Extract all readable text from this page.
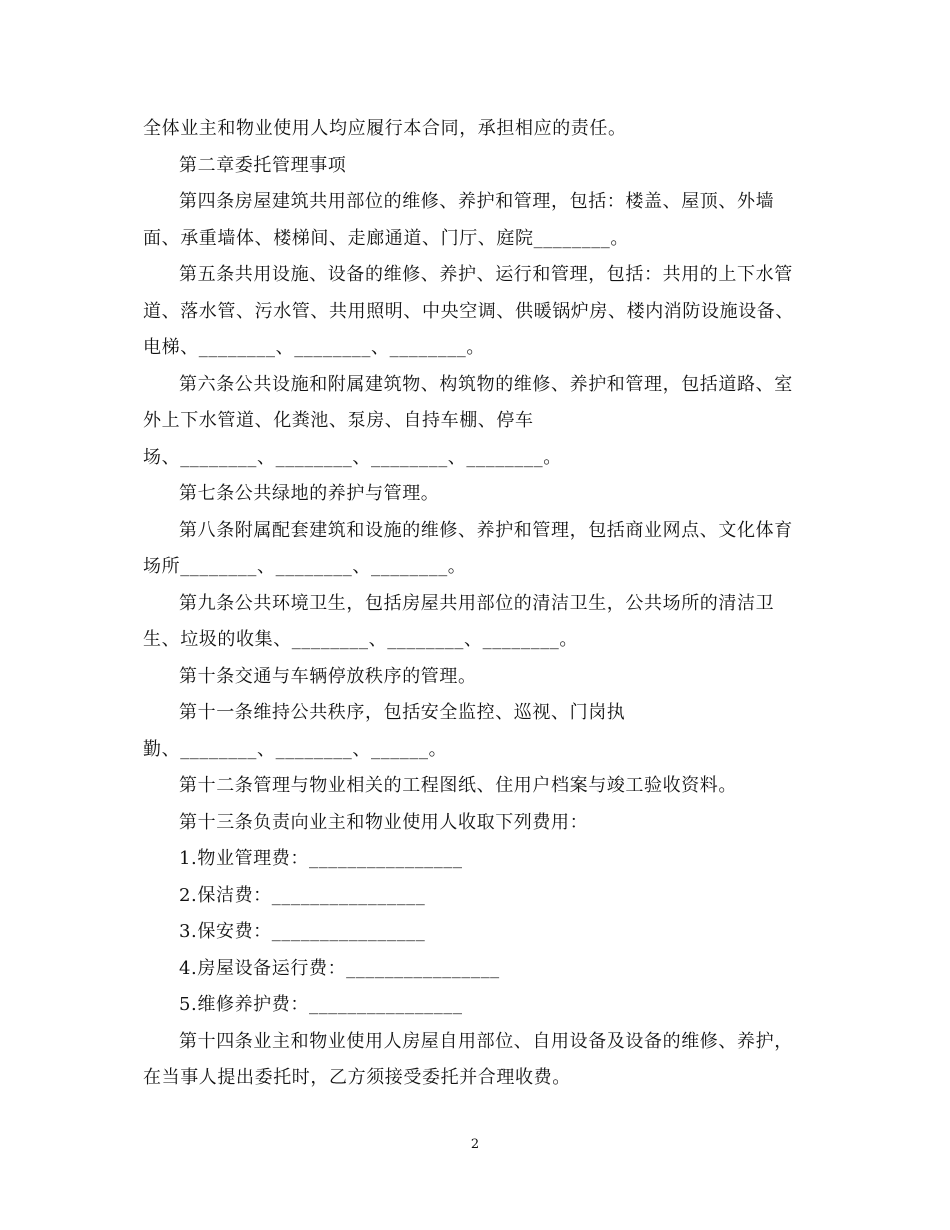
全体业主和物业使用人均应履行本合同，承担相应的责任。
第二章委托管理事项
第四条房屋建筑共用部位的维修、养护和管理，包括：楼盖、屋顶、外墙
面、承重墙体、楼梯间、走廊通道、门厅、庭院________。
第五条共用设施、设备的维修、养护、运行和管理，包括：共用的上下水管
道、落水管、污水管、共用照明、中央空调、供暖锅炉房、楼内消防设施设备、
电梯、________、________、________。
第六条公共设施和附属建筑物、构筑物的维修、养护和管理，包括道路、室
外上下水管道、化粪池、泵房、自持车棚、停车
场、________、________、________、________。
第七条公共绿地的养护与管理。
第八条附属配套建筑和设施的维修、养护和管理，包括商业网点、文化体育
场所________、________、________。
第九条公共环境卫生，包括房屋共用部位的清洁卫生，公共场所的清洁卫
生、垃圾的收集、________、________、________。
第十条交通与车辆停放秩序的管理。
第十一条维持公共秩序，包括安全监控、巡视、门岗执
勤、________、________、______。
第十二条管理与物业相关的工程图纸、住用户档案与竣工验收资料。
第十三条负责向业主和物业使用人收取下列费用：
1.物业管理费：________________
2.保洁费：________________
3.保安费：________________
4.房屋设备运行费：________________
5.维修养护费：________________
第十四条业主和物业使用人房屋自用部位、自用设备及设备的维修、养护，
在当事人提出委托时，乙方须接受委托并合理收费。
2
